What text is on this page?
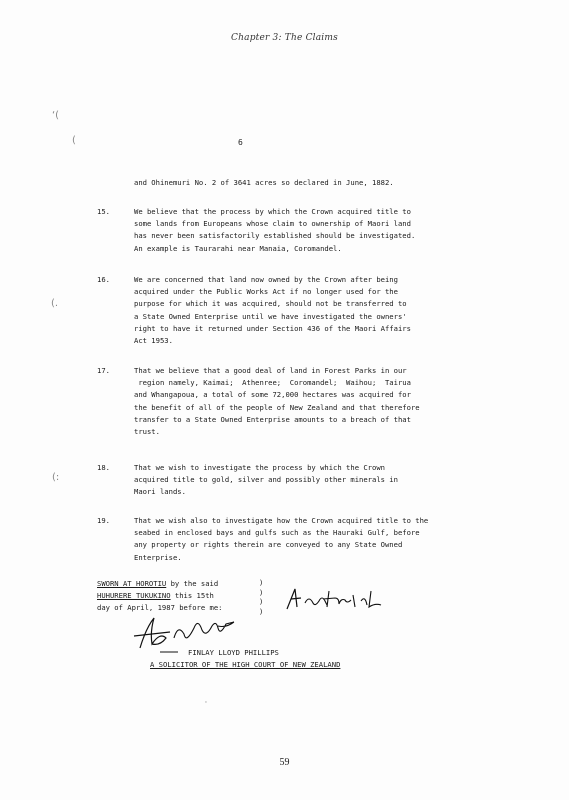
Chapter 3: The Claims
‘(
(
(.
(:
6
and Ohinemuri No. 2 of 3641 acres so declared in June, 1882.
15.	We believe that the process by which the Crown acquired title to
some lands from Europeans whose claim to ownership of Maori land
has never been satisfactorily established should be investigated.
An example is Taurarahi near Manaia, Coromandel.
16.	We are concerned that land now owned by the Crown after being
acquired under the Public Works Act if no longer used for the
purpose for which it was acquired, should not be transferred to
a State Owned Enterprise until we have investigated the owners'
right to have it returned under Section 436 of the Maori Affairs
Act 1953.
17.	That we believe that a good deal of land in Forest Parks in our
region namely, Kaimai;  Athenree;  Coromandel;  Waihou;  Tairua
and Whangapoua, a total of some 72,000 hectares was acquired for
the benefit of all of the people of New Zealand and that therefore
transfer to a State Owned Enterprise amounts to a breach of that
trust.
18.	That we wish to investigate the process by which the Crown
acquired title to gold, silver and possibly other minerals in
Maori lands.
19.	That we wish also to investigate how the Crown acquired title to the
seabed in enclosed bays and gulfs such as the Hauraki Gulf, before
any property or rights therein are conveyed to any State Owned
Enterprise.
SWORN AT HOROTIU by the said
HUHURERE TUKUKINO this 15th
day of April, 1987 before me:
)
)
)
)
FINLAY LLOYD PHILLIPS
A SOLICITOR OF THE HIGH COURT OF NEW ZEALAND
'
59
